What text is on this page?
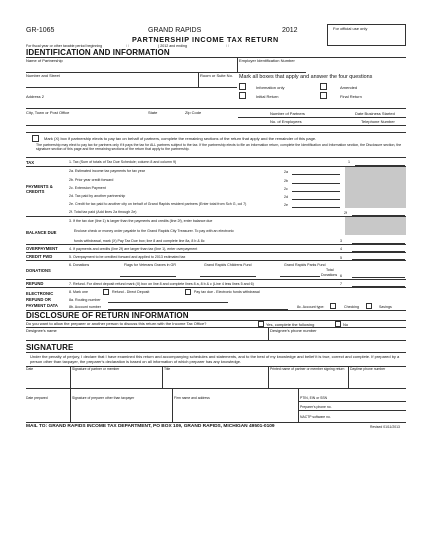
GR-1065	GRAND RAPIDS	2012	For official use only
PARTNERSHIP INCOME TAX RETURN
For fiscal year or other taxable period beginning	/ /	( 2012 and ending	/ /
IDENTIFICATION AND INFORMATION
Name of Partnership	Employer Identification Number
Number and Street	Room or Suite No. Mark all boxes that apply and answer the four questions
Information only	Amended
Initial Return	Final Return
Address 2
City, Town or Post Office	State	Zip Code	Number of Partners	Date Business Started
No. of Employees	Telephone Number
Mark (X) box if partnership elects to pay tax on behalf of partners, complete the remaining sections of the return that apply and the remainder of this page.
The partnership may elect to pay tax for partners only if it pays the tax for ALL partners subject to the tax. If the partnership elects to file an information return, complete the Identification and Information section, the Disclosure section, the signature section of this page and the remaining sections of the return that apply to the partnership.
TAX	1. Tax (Sum of totals of Tax Due Schedule; column 8 and column 9)	1
PAYMENTS &
CREDITS
2a. Estimated income tax payments for tax year	2a
2b. Prior year credit forward	2b
2c. Extension Payment	2c
2d. Tax paid by another partnership	2d
2e. Credit for tax paid to another city on behalf of Grand Rapids resident partners (Enter total from Sch G, col 7)	2e
2f. Total tax paid (Add lines 2a through 2e)	2f
BALANCE DUE
3. If the tax due (line 1) is larger than the payments and credits (line 2f), enter balance due
Enclose check or money order payable to the Grand Rapids City Treasurer. To pay with an electronic
funds withdrawal, mark (X) Pay Tax Due box; line 8 and complete line 8a, 8 b & 8c	3
OVERPAYMENT	4. If payments and credits (line 2f) are larger than tax (line 1), enter overpayment	4
CREDIT FWD	5. Overpayment to be credited forward and applied to 2013 estimated tax	5
DONATIONS
6. Donations	Flags for Veterans Graves in GR	Grand Rapids Childrens Fund	Grand Rapids Parks Fund
Total
Donations 6
REFUND	7. Refund. For direct deposit refund mark (X) box on line 8 and complete lines 8 a, 8 b & c (Line 4 less lines 5 and 6)	7
ELECTRONIC
REFUND OR
PAYMENT DATA
8. Mark one	Refund - Direct Deposit	Pay tax due - Electronic funds withdrawal
8a. Routing number
8b. Account number	8c. Account type:	Checking	Savings
DISCLOSURE OF RETURN INFORMATION
Do you want to allow the preparer or another person to discuss this return with the Income Tax Office?	Yes, complete the following	No
Designee's name	Designee's phone number
SIGNATURE
Under the penalty of perjury, I declare that I have examined this return and accompanying schedules and statements, and to the best of my knowledge and belief it is true, correct and complete. If prepared by a person other than taxpayer, the preparer's declaration is based on all information of which preparer has any knowledge.
Date	Signature of partner or member	Title	Printed name of partner or member signing return Daytime phone number
Date prepared	Signature of preparer other than taxpayer	Firm name and address	PTIN, EIN or SSN
Preparer's phone no.
NACTP software no.
MAIL TO: GRAND RAPIDS INCOME TAX DEPARTMENT, PO BOX 109, GRAND RAPIDS, MICHIGAN 49501-0109	Revised 01/11/2013
